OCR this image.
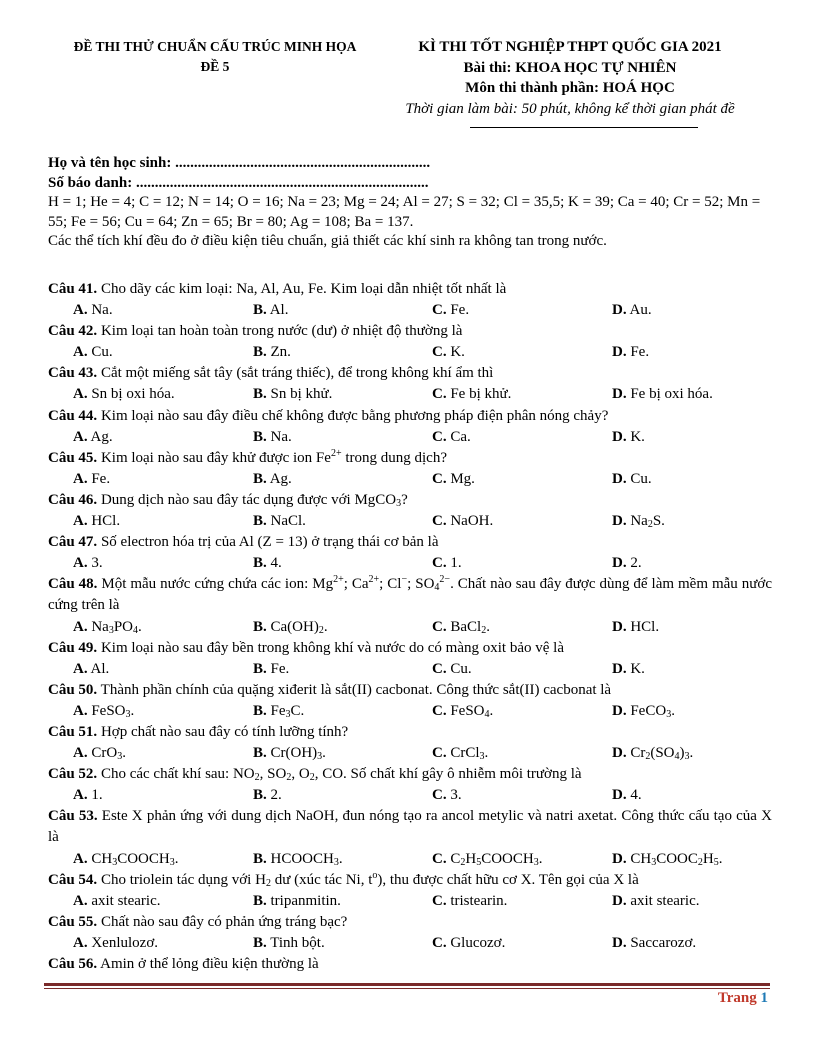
ĐỀ THI THỬ CHUẨN CẤU TRÚC MINH HỌA
ĐỀ 5
KÌ THI TỐT NGHIỆP THPT QUỐC GIA 2021
Bài thi: KHOA HỌC TỰ NHIÊN
Môn thi thành phần: HOÁ HỌC
Thời gian làm bài: 50 phút, không kể thời gian phát đề
Họ và tên học sinh: ....................................................................
Số báo danh: ..............................................................................
H = 1; He = 4; C = 12; N = 14; O = 16; Na = 23; Mg = 24; Al = 27; S = 32; Cl = 35,5; K = 39; Ca = 40; Cr = 52; Mn = 55; Fe = 56; Cu = 64; Zn = 65; Br = 80; Ag = 108; Ba = 137.
Các thể tích khí đều đo ở điều kiện tiêu chuẩn, giả thiết các khí sinh ra không tan trong nước.
Câu 41. Cho dãy các kim loại: Na, Al, Au, Fe. Kim loại dẫn nhiệt tốt nhất là
A. Na.	B. Al.	C. Fe.	D. Au.
Câu 42. Kim loại tan hoàn toàn trong nước (dư) ở nhiệt độ thường là
A. Cu.	B. Zn.	C. K.	D. Fe.
Câu 43. Cắt một miếng sắt tây (sắt tráng thiếc), để trong không khí ẩm thì
A. Sn bị oxi hóa.	B. Sn bị khử.	C. Fe bị khử.	D. Fe bị oxi hóa.
Câu 44. Kim loại nào sau đây điều chế không được bằng phương pháp điện phân nóng chảy?
A. Ag.	B. Na.	C. Ca.	D. K.
Câu 45. Kim loại nào sau đây khử được ion $Fe^{2+}$ trong dung dịch?
A. Fe.	B. Ag.	C. Mg.	D. Cu.
Câu 46. Dung dịch nào sau đây tác dụng được với MgCO$_3$?
A. HCl.	B. NaCl.	C. NaOH.	D. $Na_2S$.
Câu 47. Số electron hóa trị của Al (Z = 13) ở trạng thái cơ bản là
A. 3.	B. 4.	C. 1.	D. 2.
Câu 48. Một mẫu nước cứng chứa các ion: $Mg^{2+}$; $Ca^{2+}$; Cl−; $SO_4^{2-}$. Chất nào sau đây được dùng để làm mềm mẫu nước cứng trên là
A. $Na_3PO_4$.	B. $Ca(OH)_2$.	C. BaCl$_2$.	D. HCl.
Câu 49. Kim loại nào sau đây bền trong không khí và nước do có màng oxit bảo vệ là
A. Al.	B. Fe.	C. Cu.	D. K.
Câu 50. Thành phần chính của quặng xiđerit là sắt(II) cacbonat. Công thức sắt(II) cacbonat là
A. FeSO$_3$.	B. $Fe_3C$.	C. FeSO$_4$.	D. FeCO$_3$.
Câu 51. Hợp chất nào sau đây có tính lưỡng tính?
A. CrO$_3$.	B. $Cr(OH)_3$.	C. CrCl$_3$.	D. $Cr_2(SO_4)_3$.
Câu 52. Cho các chất khí sau: $NO_2$, $SO_2$, $O_2$, CO. Số chất khí gây ô nhiễm môi trường là
A. 1.	B. 2.	C. 3.	D. 4.
Câu 53. Este X phản ứng với dung dịch NaOH, đun nóng tạo ra ancol metylic và natri axetat. Công thức cấu tạo của X là
A. $CH_3COOCH_3$.	B. $HCOOCH_3$.	C. $C_2H_5COOCH_3$.	D. $CH_3COOC_2H_5$.
Câu 54. Cho triolein tác dụng với $H_2$ dư (xúc tác Ni, $t^o$), thu được chất hữu cơ X. Tên gọi của X là
A. axit stearic.	B. tripanmitin.	C. tristearin.	D. axit stearic.
Câu 55. Chất nào sau đây có phản ứng tráng bạc?
A. Xenlulozơ.	B. Tinh bột.	C. Glucozơ.	D. Saccarozơ.
Câu 56. Amin ở thể lỏng điều kiện thường là
Trang 1
